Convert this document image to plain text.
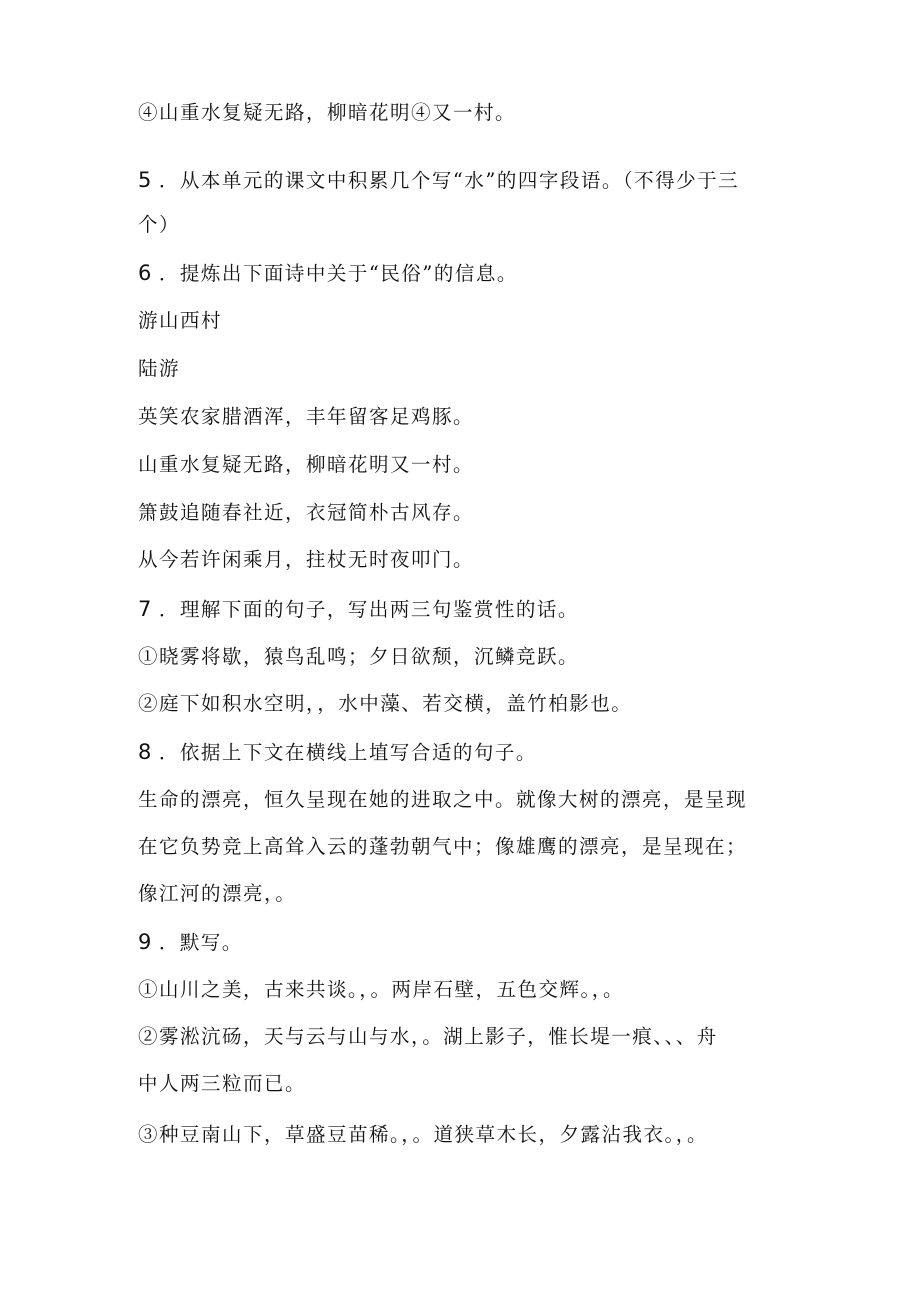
④山重水复疑无路，柳暗花明④又一村。
5 ．从本单元的课文中积累几个写“水”的四字段语。（不得少于三
个）
6 ．提炼出下面诗中关于“民俗”的信息。
游山西村
陆游
英笑农家腊酒浑，丰年留客足鸡豚。
山重水复疑无路，柳暗花明又一村。
箫鼓追随春社近，衣冠简朴古风存。
从今若许闲乘月，拄杖无时夜叩门。
7 ．理解下面的句子，写出两三句鉴赏性的话。
①晓雾将歇，猿鸟乱鸣；夕日欲颓，沉鳞竞跃。
②庭下如积水空明，，水中藻、若交横，盖竹柏影也。
8 ．依据上下文在横线上埴写合适的句子。
生命的漂亮，恒久呈现在她的进取之中。就像大树的漂亮，是呈现
在它负势竞上高耸入云的蓬勃朝气中；像雄鹰的漂亮，是呈现在；
像江河的漂亮，。
9 ．默写。
①山川之美，古来共谈。，。两岸石壁，五色交辉。，。
②雾淞沆砀，天与云与山与水，。湖上影子，惟长堤一痕、、、舟
中人两三粒而已。
③种豆南山下，草盛豆苗稀。，。道狭草木长，夕露沾我衣。，。
